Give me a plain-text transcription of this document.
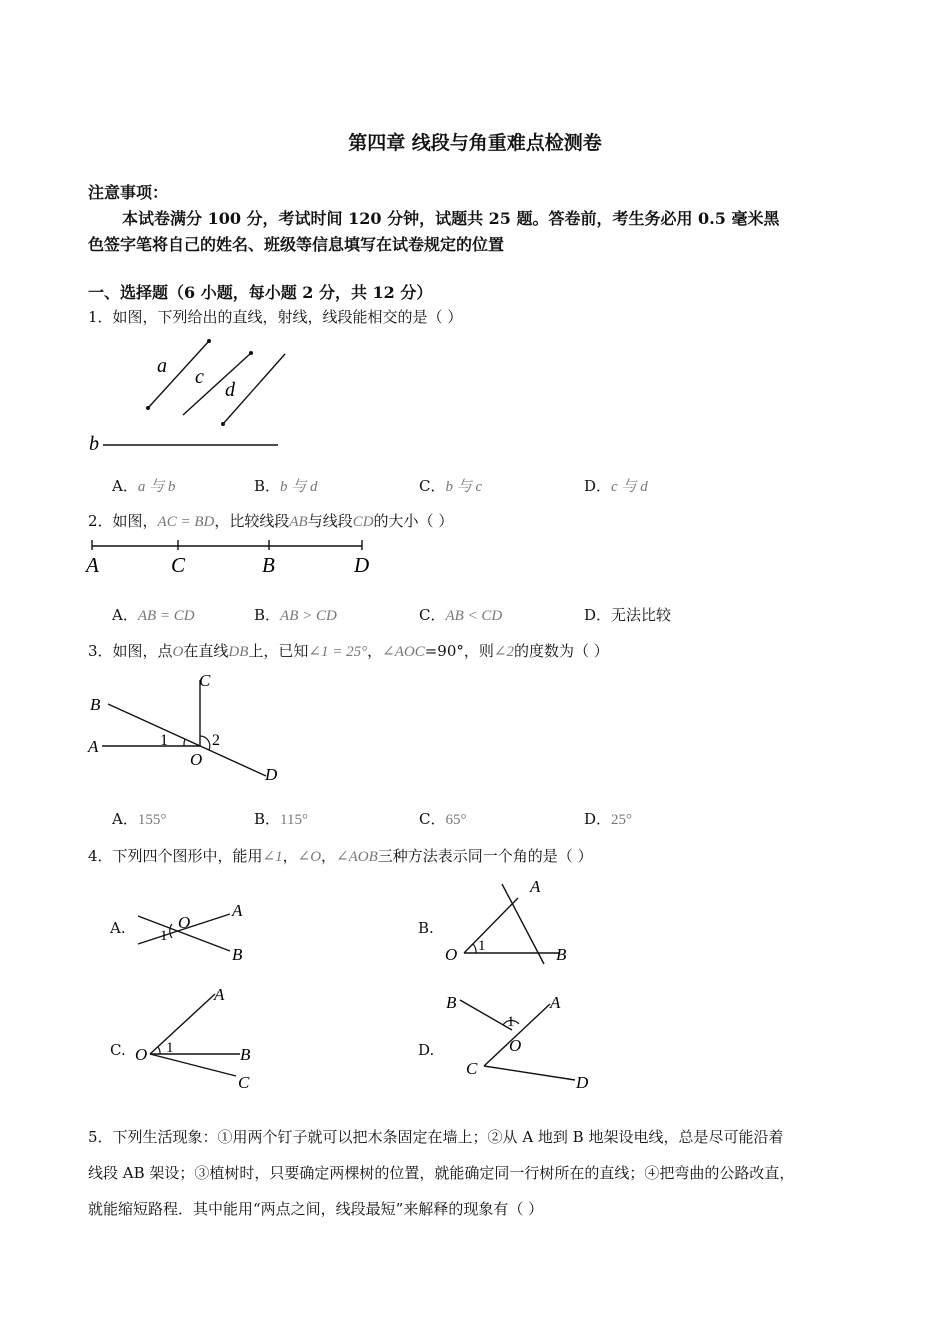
第四章 线段与角重难点检测卷
注意事项：
本试卷满分 100 分，考试时间 120 分钟，试题共 25 题。答卷前，考生务必用 0.5 毫米黑
色签字笔将自己的姓名、班级等信息填写在试卷规定的位置
一、选择题（6 小题，每小题 2 分，共 12 分）
1．如图，下列给出的直线，射线，线段能相交的是（ ）
a c
d
b
A．a 与 b	B．b 与 d	C．b 与 c	D．c 与 d
2．如图，AC = BD，比较线段AB与线段CD的大小（ ）
A	C	B	D
A．AB = CD	B．AB > CD	C．AB < CD	D．无法比较
3．如图，点O在直线DB上，已知∠1 = 25°，∠AOC=90°，则∠2的度数为（ ）
B
A
C
O
D
1	2
A．155°	B．115°	C．65°	D．25°
4．下列四个图形中，能用∠1，∠O，∠AOB三种方法表示同一个角的是（ ）
A.	O
A
B
1	B.
O
A
B
1
C. O
A
B
C
1	D.
B	A
O
C
D
1
5．下列生活现象：①用两个钉子就可以把木条固定在墙上；②从 A 地到 B 地架设电线，总是尽可能沿着
线段 AB 架设；③植树时，只要确定两棵树的位置，就能确定同一行树所在的直线；④把弯曲的公路改直，
就能缩短路程．其中能用“两点之间，线段最短”来解释的现象有（ ）
